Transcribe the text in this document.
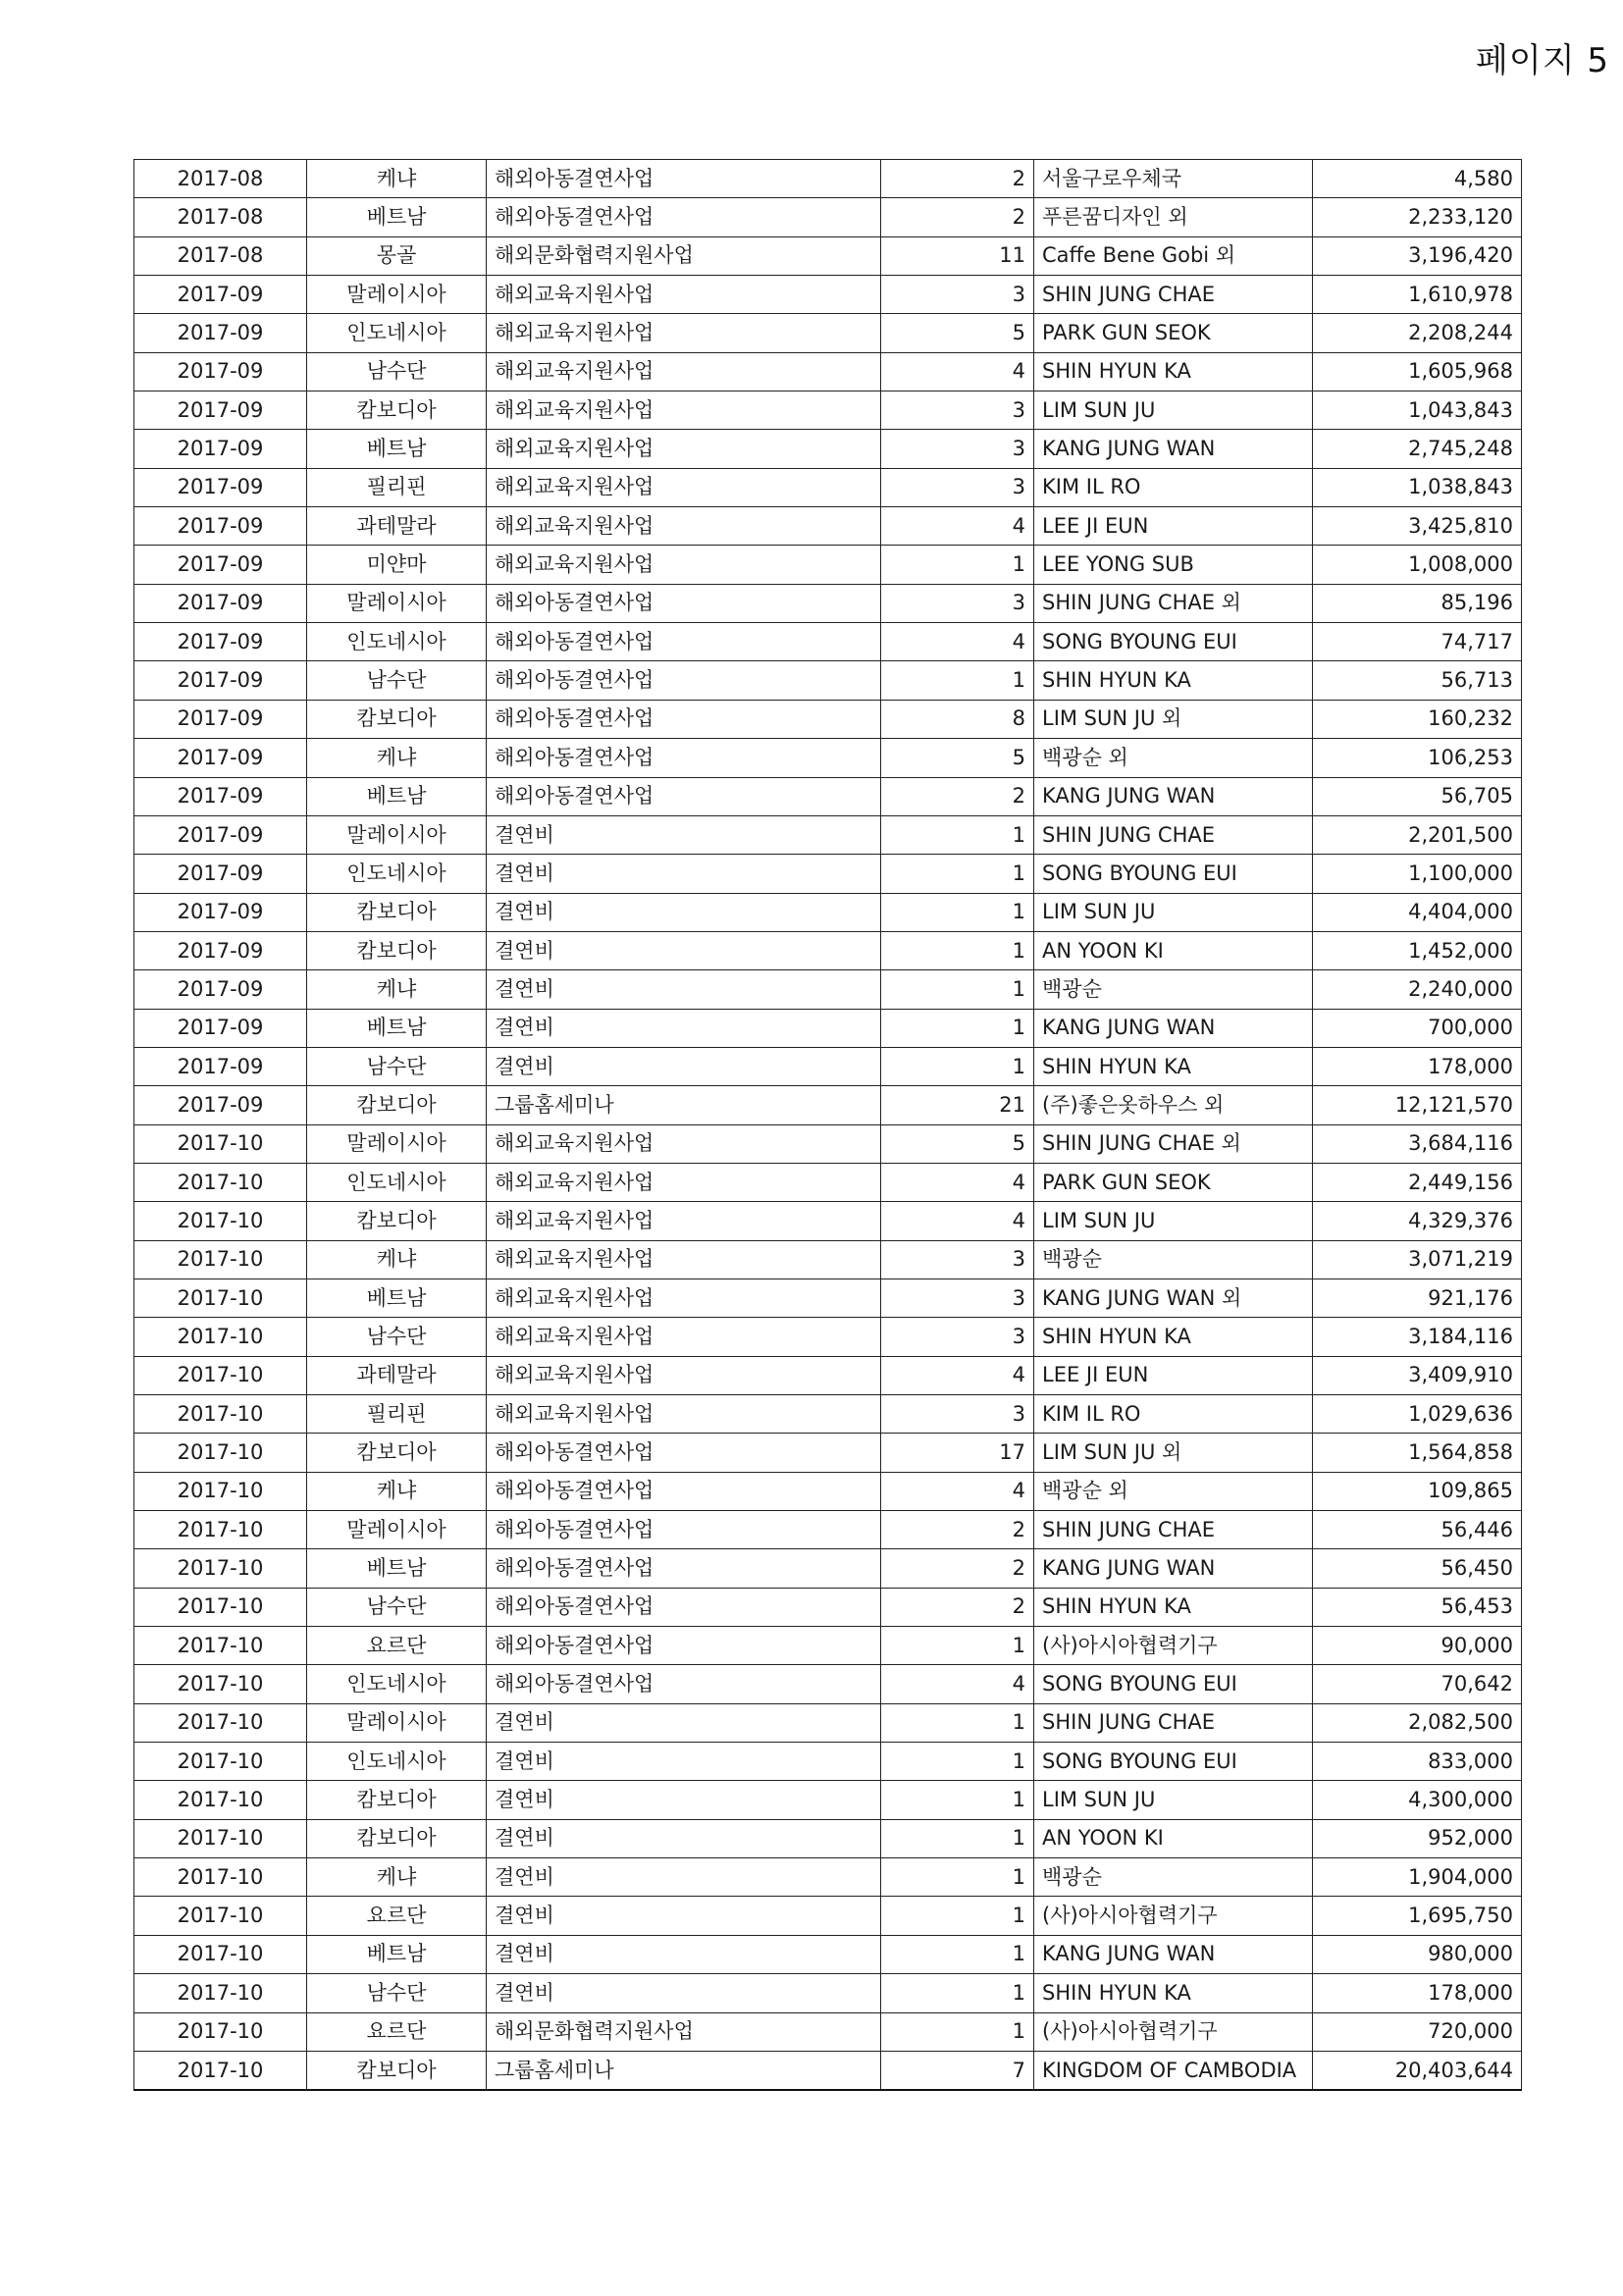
페이지 5
2017-08	케냐	해외아동결연사업	2	서울구로우체국	4,580
2017-08	베트남	해외아동결연사업	2	푸른꿈디자인 외	2,233,120
2017-08	몽골	해외문화협력지원사업	11	Caffe Bene Gobi 외	3,196,420
2017-09	말레이시아	해외교육지원사업	3	SHIN JUNG CHAE	1,610,978
2017-09	인도네시아	해외교육지원사업	5	PARK GUN SEOK	2,208,244
2017-09	남수단	해외교육지원사업	4	SHIN HYUN KA	1,605,968
2017-09	캄보디아	해외교육지원사업	3	LIM SUN JU	1,043,843
2017-09	베트남	해외교육지원사업	3	KANG JUNG WAN	2,745,248
2017-09	필리핀	해외교육지원사업	3	KIM IL RO	1,038,843
2017-09	과테말라	해외교육지원사업	4	LEE JI EUN	3,425,810
2017-09	미얀마	해외교육지원사업	1	LEE YONG SUB	1,008,000
2017-09	말레이시아	해외아동결연사업	3	SHIN JUNG CHAE 외	85,196
2017-09	인도네시아	해외아동결연사업	4	SONG BYOUNG EUI	74,717
2017-09	남수단	해외아동결연사업	1	SHIN HYUN KA	56,713
2017-09	캄보디아	해외아동결연사업	8	LIM SUN JU 외	160,232
2017-09	케냐	해외아동결연사업	5	백광순 외	106,253
2017-09	베트남	해외아동결연사업	2	KANG JUNG WAN	56,705
2017-09	말레이시아	결연비	1	SHIN JUNG CHAE	2,201,500
2017-09	인도네시아	결연비	1	SONG BYOUNG EUI	1,100,000
2017-09	캄보디아	결연비	1	LIM SUN JU	4,404,000
2017-09	캄보디아	결연비	1	AN YOON KI	1,452,000
2017-09	케냐	결연비	1	백광순	2,240,000
2017-09	베트남	결연비	1	KANG JUNG WAN	700,000
2017-09	남수단	결연비	1	SHIN HYUN KA	178,000
2017-09	캄보디아	그룹홈세미나	21	(주)좋은옷하우스 외	12,121,570
2017-10	말레이시아	해외교육지원사업	5	SHIN JUNG CHAE 외	3,684,116
2017-10	인도네시아	해외교육지원사업	4	PARK GUN SEOK	2,449,156
2017-10	캄보디아	해외교육지원사업	4	LIM SUN JU	4,329,376
2017-10	케냐	해외교육지원사업	3	백광순	3,071,219
2017-10	베트남	해외교육지원사업	3	KANG JUNG WAN 외	921,176
2017-10	남수단	해외교육지원사업	3	SHIN HYUN KA	3,184,116
2017-10	과테말라	해외교육지원사업	4	LEE JI EUN	3,409,910
2017-10	필리핀	해외교육지원사업	3	KIM IL RO	1,029,636
2017-10	캄보디아	해외아동결연사업	17	LIM SUN JU 외	1,564,858
2017-10	케냐	해외아동결연사업	4	백광순 외	109,865
2017-10	말레이시아	해외아동결연사업	2	SHIN JUNG CHAE	56,446
2017-10	베트남	해외아동결연사업	2	KANG JUNG WAN	56,450
2017-10	남수단	해외아동결연사업	2	SHIN HYUN KA	56,453
2017-10	요르단	해외아동결연사업	1	(사)아시아협력기구	90,000
2017-10	인도네시아	해외아동결연사업	4	SONG BYOUNG EUI	70,642
2017-10	말레이시아	결연비	1	SHIN JUNG CHAE	2,082,500
2017-10	인도네시아	결연비	1	SONG BYOUNG EUI	833,000
2017-10	캄보디아	결연비	1	LIM SUN JU	4,300,000
2017-10	캄보디아	결연비	1	AN YOON KI	952,000
2017-10	케냐	결연비	1	백광순	1,904,000
2017-10	요르단	결연비	1	(사)아시아협력기구	1,695,750
2017-10	베트남	결연비	1	KANG JUNG WAN	980,000
2017-10	남수단	결연비	1	SHIN HYUN KA	178,000
2017-10	요르단	해외문화협력지원사업	1	(사)아시아협력기구	720,000
2017-10	캄보디아	그룹홈세미나	7	KINGDOM OF CAMBODIA	20,403,644
